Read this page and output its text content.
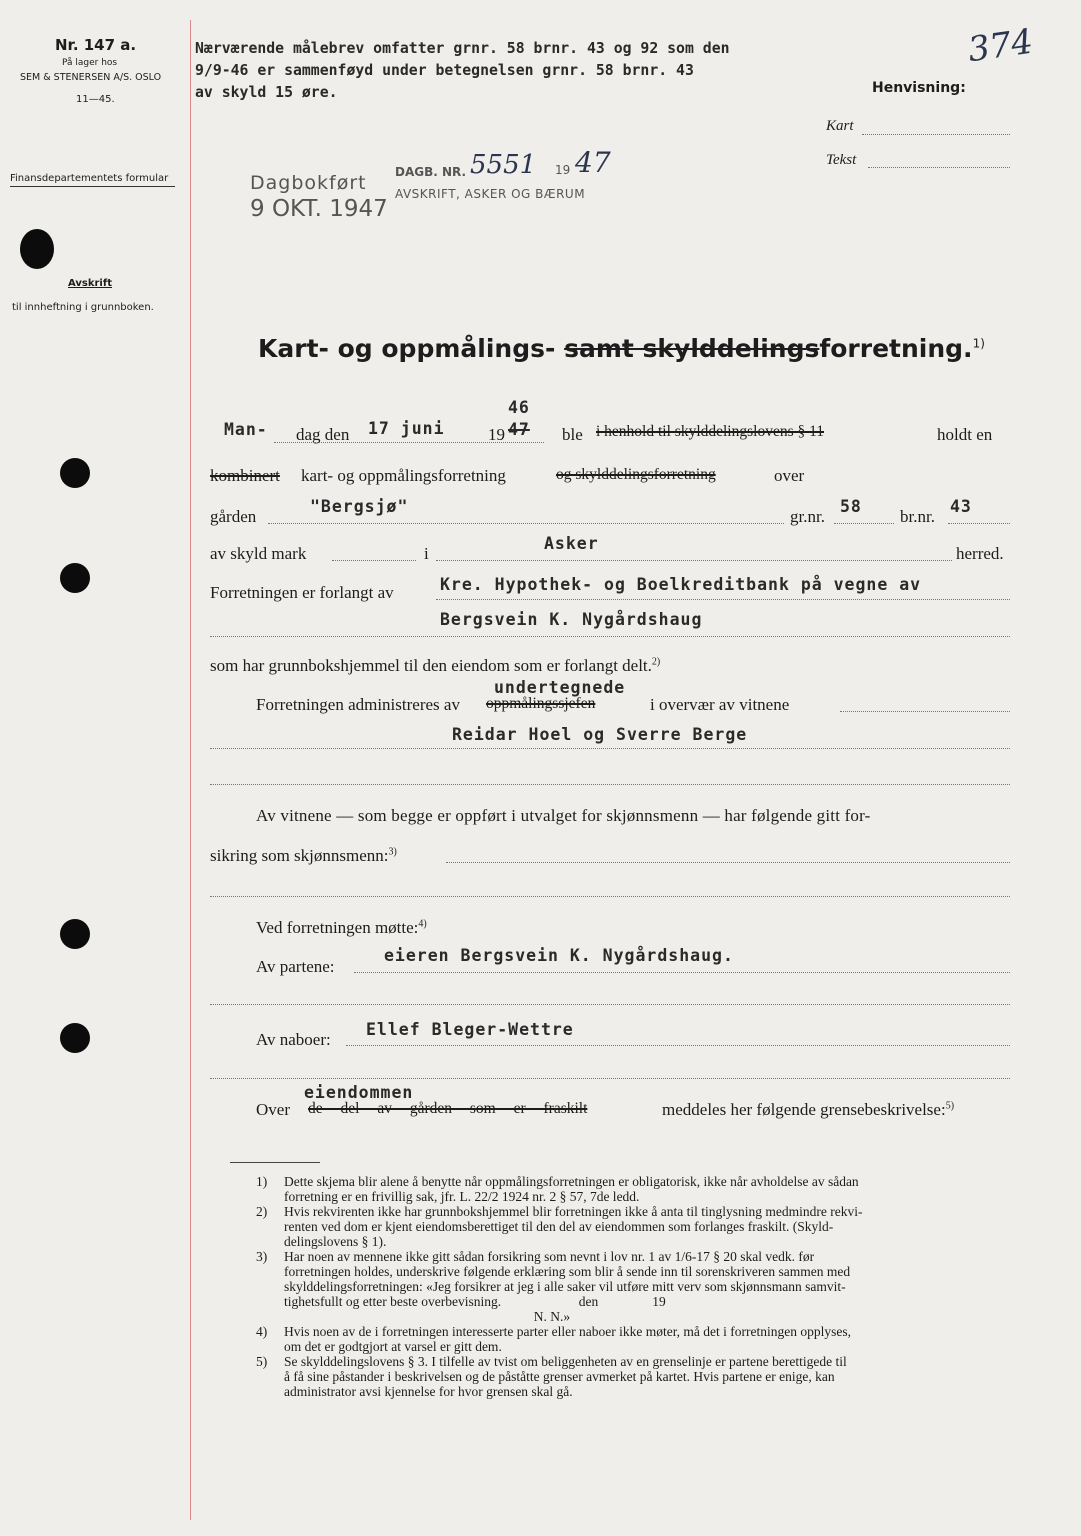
Nr. 147 a.
På lager hos
SEM & STENERSEN A/S. OSLO
11—45.
Finansdepartementets formular
Avskrift
til innheftning i grunnboken.
Nærværende målebrev omfatter grnr. 58 brnr. 43 og 92 som den
9/9-46 er sammenføyd under betegnelsen grnr. 58 brnr. 43
av skyld 15 øre.
374
Henvisning:
Kart
Tekst
Dagbokført
9 OKT. 1947
DAGB. NR. 5551 19 47
AVSKRIFT, ASKER OG BÆRUM
Kart- og oppmålings- samt skylddelingsforretning.$^{1)}$
Man- dag den 17 juni	19
46
47 ble i henhold til skylddelingslovens § 11	holdt en
kombinert kart- og oppmålingsforretning	og skylddelingsforretning	over
gården
"Bergsjø"
gr.nr.
58
br.nr.
43
av skyld mark	i
Asker
herred.
Forretningen er forlangt av	Kre. Hypothek- og Boelkreditbank på vegne av
Bergsvein K. Nygårdshaug
som har grunnbokshjemmel til den eiendom som er forlangt delt.$^{2)}$
Forretningen administreres av
undertegnede
oppmålingssjefen	i overvær av vitnene
Reidar Hoel og Sverre Berge
Av vitnene — som begge er oppført i utvalget for skjønnsmenn — har følgende gitt for-
sikring som skjønnsmenn:$^{3)}$
Ved forretningen møtte:$^{4)}$
Av partene:
eieren Bergsvein K. Nygårdshaug.
Av naboer:
Ellef Bleger-Wettre
Over
eiendommen
de del av gården som er fraskilt	meddeles her følgende grensebeskrivelse:$^{5)}$
1) Dette skjema blir alene å benytte når oppmålingsforretningen er obligatorisk, ikke når avholdelse av sådan
forretning er en frivillig sak, jfr. L. 22/2 1924 nr. 2 § 57, 7de ledd.
2) Hvis rekvirenten ikke har grunnbokshjemmel blir forretningen ikke å anta til tinglysning medmindre rekvi-
renten ved dom er kjent eiendomsberettiget til den del av eiendommen som forlanges fraskilt. (Skyld-
delingslovens § 1).
3) Har noen av mennene ikke gitt sådan forsikring som nevnt i lov nr. 1 av 1/6-17 § 20 skal vedk. før
forretningen holdes, underskrive følgende erklæring som blir å sende inn til sorenskriveren sammen med
skylddelingsforretningen: «Jeg forsikrer at jeg i alle saker vil utføre mitt verv som skjønnsmann samvit-
tighetsfullt og etter beste overbevisning.                       den                19
N. N.»
4) Hvis noen av de i forretningen interesserte parter eller naboer ikke møter, må det i forretningen opplyses,
om det er godtgjort at varsel er gitt dem.
5) Se skylddelingslovens § 3. I tilfelle av tvist om beliggenheten av en grenselinje er partene berettigede til
å få sine påstander i beskrivelsen og de påståtte grenser avmerket på kartet. Hvis partene er enige, kan
administrator avsi kjennelse for hvor grensen skal gå.
